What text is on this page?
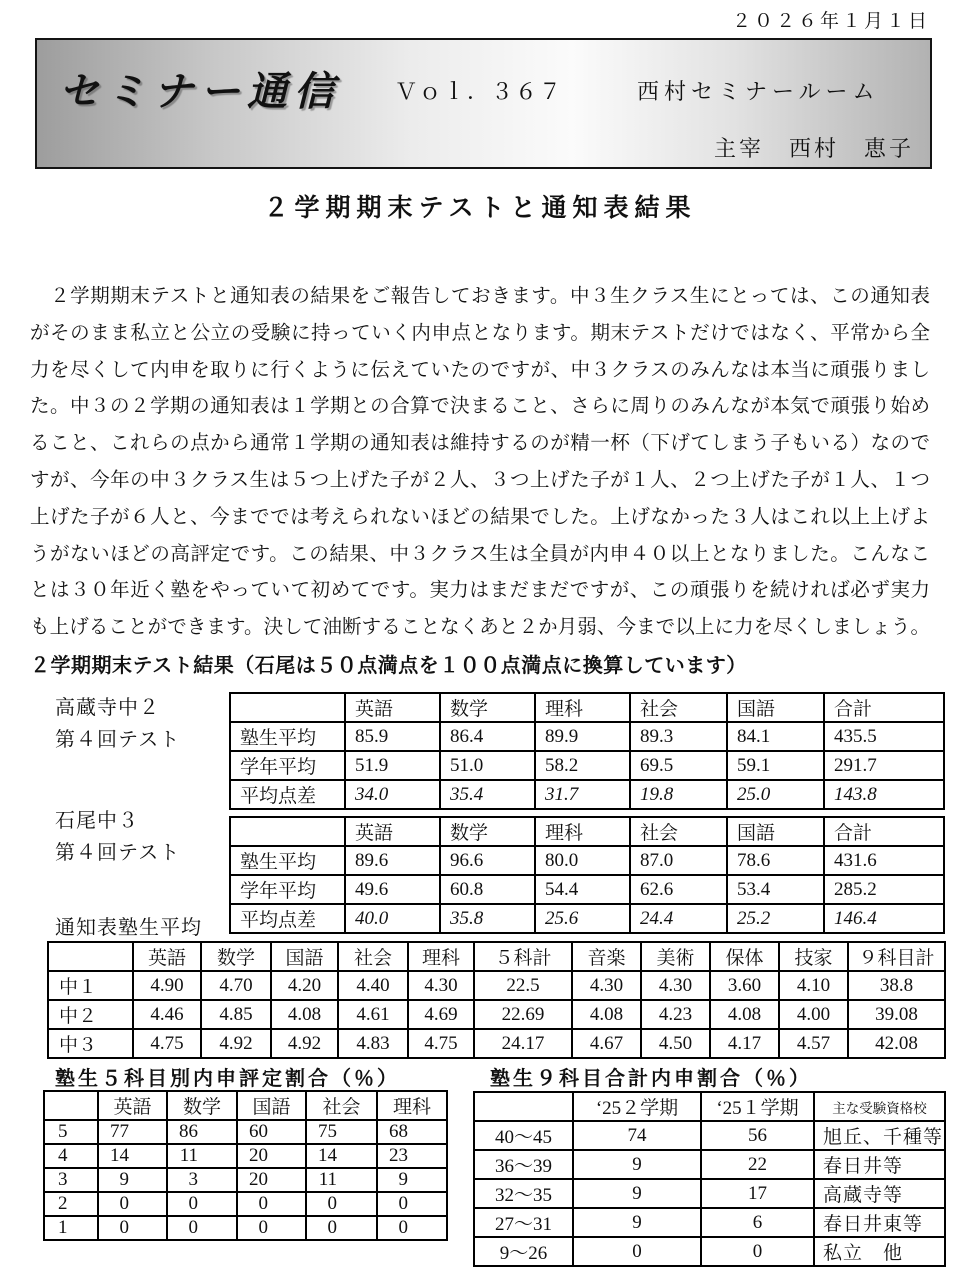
２０２６年１月１日
セミナー通信 Ｖｏｌ．３６７	西村セミナールーム
主宰　西村　恵子
２学期期末テストと通知表結果
　２学期期末テストと通知表の結果をご報告しておきます。中３生クラス生にとっては、この通知表
がそのまま私立と公立の受験に持っていく内申点となります。期末テストだけではなく、平常から全
力を尽くして内申を取りに行くように伝えていたのですが、中３クラスのみんなは本当に頑張りまし
た。中３の２学期の通知表は１学期との合算で決まること、さらに周りのみんなが本気で頑張り始め
ること、これらの点から通常１学期の通知表は維持するのが精一杯（下げてしまう子もいる）なので
すが、今年の中３クラス生は５つ上げた子が２人、３つ上げた子が１人、２つ上げた子が１人、１つ
上げた子が６人と、今まででは考えられないほどの結果でした。上げなかった３人はこれ以上上げよ
うがないほどの高評定です。この結果、中３クラス生は全員が内申４０以上となりました。こんなこ
とは３０年近く塾をやっていて初めてです。実力はまだまだですが、この頑張りを続ければ必ず実力
も上げることができます。決して油断することなくあと２か月弱、今まで以上に力を尽くしましょう。
２学期期末テスト結果（石尾は５０点満点を１００点満点に換算しています）
高蔵寺中２
第４回テスト
	英語	数学	理科	社会	国語	合計
塾生平均	85.9	86.4	89.9	89.3	84.1	435.5
学年平均	51.9	51.0	58.2	69.5	59.1	291.7
平均点差	34.0	35.4	31.7	19.8	25.0	143.8
石尾中３
第４回テスト
	英語	数学	理科	社会	国語	合計
塾生平均	89.6	96.6	80.0	87.0	78.6	431.6
学年平均	49.6	60.8	54.4	62.6	53.4	285.2
平均点差	40.0	35.8	25.6	24.4	25.2	146.4
通知表塾生平均
	英語	数学	国語	社会	理科	５科計	音楽	美術	保体	技家	９科目計
中１	4.90	4.70	4.20	4.40	4.30	22.5	4.30	4.30	3.60	4.10	38.8
中２	4.46	4.85	4.08	4.61	4.69	22.69	4.08	4.23	4.08	4.00	39.08
中３	4.75	4.92	4.92	4.83	4.75	24.17	4.67	4.50	4.17	4.57	42.08
塾生５科目別内申評定割合（％）
	英語	数学	国語	社会	理科
5	77	86	60	75	68
4	14	11	20	14	23
3	9	3	20	11	9
2	0	0	0	0	0
1	0	0	0	0	0
塾生９科目合計内申割合（％）
	‘25２学期	‘25１学期	主な受験資格校
40～45	74	56	旭丘、千種等
36～39	9	22	春日井等
32～35	9	17	高蔵寺等
27～31	9	6	春日井東等
9～26	0	0	私立　他
